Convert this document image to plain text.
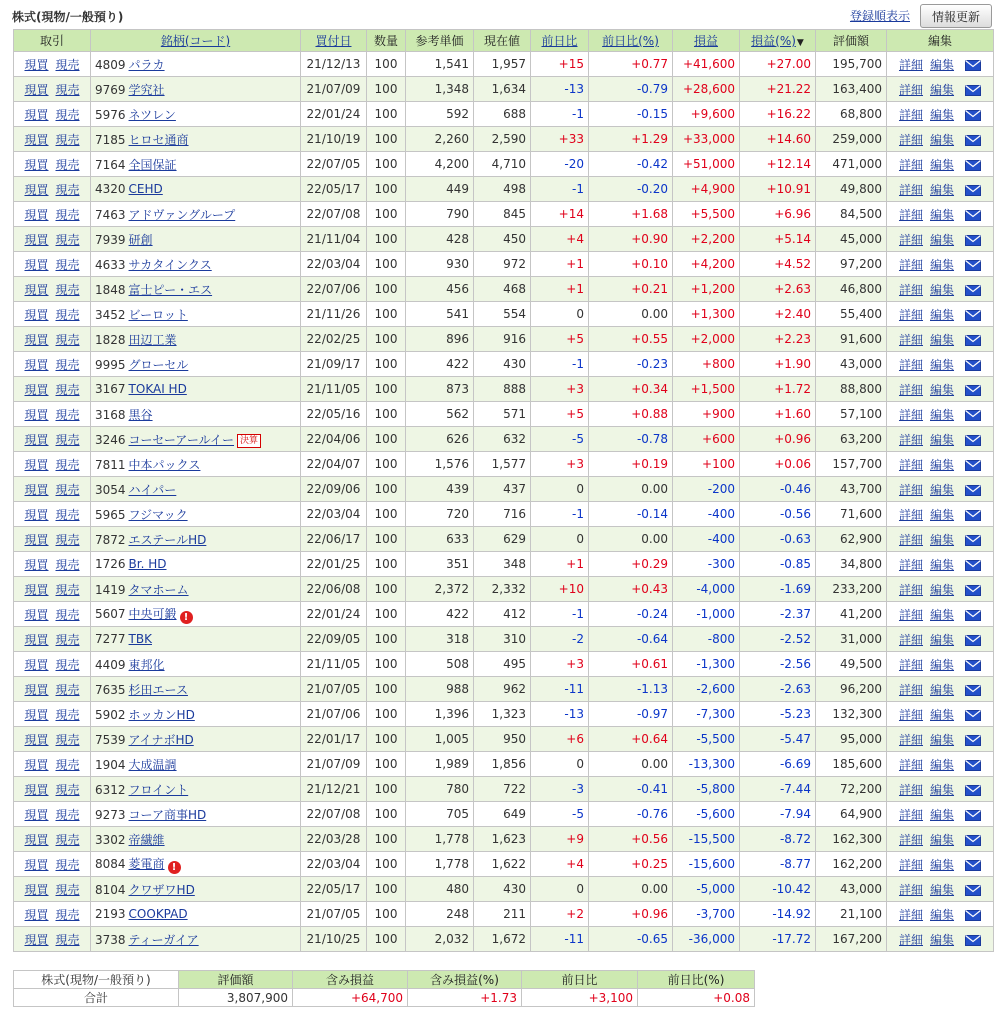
株式(現物/一般預り)	登録順表示	情報更新
取引	銘柄(コード)	買付日	数量	参考単価	現在値	前日比	前日比(%)	損益	損益(%)▼	評価額	編集
現買 現売	4809 パラカ	21/12/13	100	1,541	1,957	+15	+0.77	+41,600	+27.00	195,700	詳細 編集
現買 現売	9769 学究社	21/07/09	100	1,348	1,634	-13	-0.79	+28,600	+21.22	163,400	詳細 編集
現買 現売	5976 ネツレン	22/01/24	100	592	688	-1	-0.15	+9,600	+16.22	68,800	詳細 編集
現買 現売	7185 ヒロセ通商	21/10/19	100	2,260	2,590	+33	+1.29	+33,000	+14.60	259,000	詳細 編集
現買 現売	7164 全国保証	22/07/05	100	4,200	4,710	-20	-0.42	+51,000	+12.14	471,000	詳細 編集
現買 現売	4320 CEHD	22/05/17	100	449	498	-1	-0.20	+4,900	+10.91	49,800	詳細 編集
現買 現売	7463 アドヴァングループ	22/07/08	100	790	845	+14	+1.68	+5,500	+6.96	84,500	詳細 編集
現買 現売	7939 研創	21/11/04	100	428	450	+4	+0.90	+2,200	+5.14	45,000	詳細 編集
現買 現売	4633 サカタインクス	22/03/04	100	930	972	+1	+0.10	+4,200	+4.52	97,200	詳細 編集
現買 現売	1848 富士ピー・エス	22/07/06	100	456	468	+1	+0.21	+1,200	+2.63	46,800	詳細 編集
現買 現売	3452 ビーロット	21/11/26	100	541	554	0	0.00	+1,300	+2.40	55,400	詳細 編集
現買 現売	1828 田辺工業	22/02/25	100	896	916	+5	+0.55	+2,000	+2.23	91,600	詳細 編集
現買 現売	9995 グローセル	21/09/17	100	422	430	-1	-0.23	+800	+1.90	43,000	詳細 編集
現買 現売	3167 TOKAI HD	21/11/05	100	873	888	+3	+0.34	+1,500	+1.72	88,800	詳細 編集
現買 現売	3168 黒谷	22/05/16	100	562	571	+5	+0.88	+900	+1.60	57,100	詳細 編集
現買 現売	3246 コーセーアールイー 決算	22/04/06	100	626	632	-5	-0.78	+600	+0.96	63,200	詳細 編集
現買 現売	7811 中本パックス	22/04/07	100	1,576	1,577	+3	+0.19	+100	+0.06	157,700	詳細 編集
現買 現売	3054 ハイパー	22/09/06	100	439	437	0	0.00	-200	-0.46	43,700	詳細 編集
現買 現売	5965 フジマック	22/03/04	100	720	716	-1	-0.14	-400	-0.56	71,600	詳細 編集
現買 現売	7872 エステールHD	22/06/17	100	633	629	0	0.00	-400	-0.63	62,900	詳細 編集
現買 現売	1726 Br. HD	22/01/25	100	351	348	+1	+0.29	-300	-0.85	34,800	詳細 編集
現買 現売	1419 タマホーム	22/06/08	100	2,372	2,332	+10	+0.43	-4,000	-1.69	233,200	詳細 編集
現買 現売	5607 中央可鍛 !	22/01/24	100	422	412	-1	-0.24	-1,000	-2.37	41,200	詳細 編集
現買 現売	7277 TBK	22/09/05	100	318	310	-2	-0.64	-800	-2.52	31,000	詳細 編集
現買 現売	4409 東邦化	21/11/05	100	508	495	+3	+0.61	-1,300	-2.56	49,500	詳細 編集
現買 現売	7635 杉田エース	21/07/05	100	988	962	-11	-1.13	-2,600	-2.63	96,200	詳細 編集
現買 現売	5902 ホッカンHD	21/07/06	100	1,396	1,323	-13	-0.97	-7,300	-5.23	132,300	詳細 編集
現買 現売	7539 アイナボHD	22/01/17	100	1,005	950	+6	+0.64	-5,500	-5.47	95,000	詳細 編集
現買 現売	1904 大成温調	21/07/09	100	1,989	1,856	0	0.00	-13,300	-6.69	185,600	詳細 編集
現買 現売	6312 フロイント	21/12/21	100	780	722	-3	-0.41	-5,800	-7.44	72,200	詳細 編集
現買 現売	9273 コーア商事HD	22/07/08	100	705	649	-5	-0.76	-5,600	-7.94	64,900	詳細 編集
現買 現売	3302 帝繊維	22/03/28	100	1,778	1,623	+9	+0.56	-15,500	-8.72	162,300	詳細 編集
現買 現売	8084 菱電商 !	22/03/04	100	1,778	1,622	+4	+0.25	-15,600	-8.77	162,200	詳細 編集
現買 現売	8104 クワザワHD	22/05/17	100	480	430	0	0.00	-5,000	-10.42	43,000	詳細 編集
現買 現売	2193 COOKPAD	21/07/05	100	248	211	+2	+0.96	-3,700	-14.92	21,100	詳細 編集
現買 現売	3738 ティーガイア	21/10/25	100	2,032	1,672	-11	-0.65	-36,000	-17.72	167,200	詳細 編集
株式(現物/一般預り)	評価額	含み損益	含み損益(%)	前日比	前日比(%)
合計	3,807,900	+64,700	+1.73	+3,100	+0.08
